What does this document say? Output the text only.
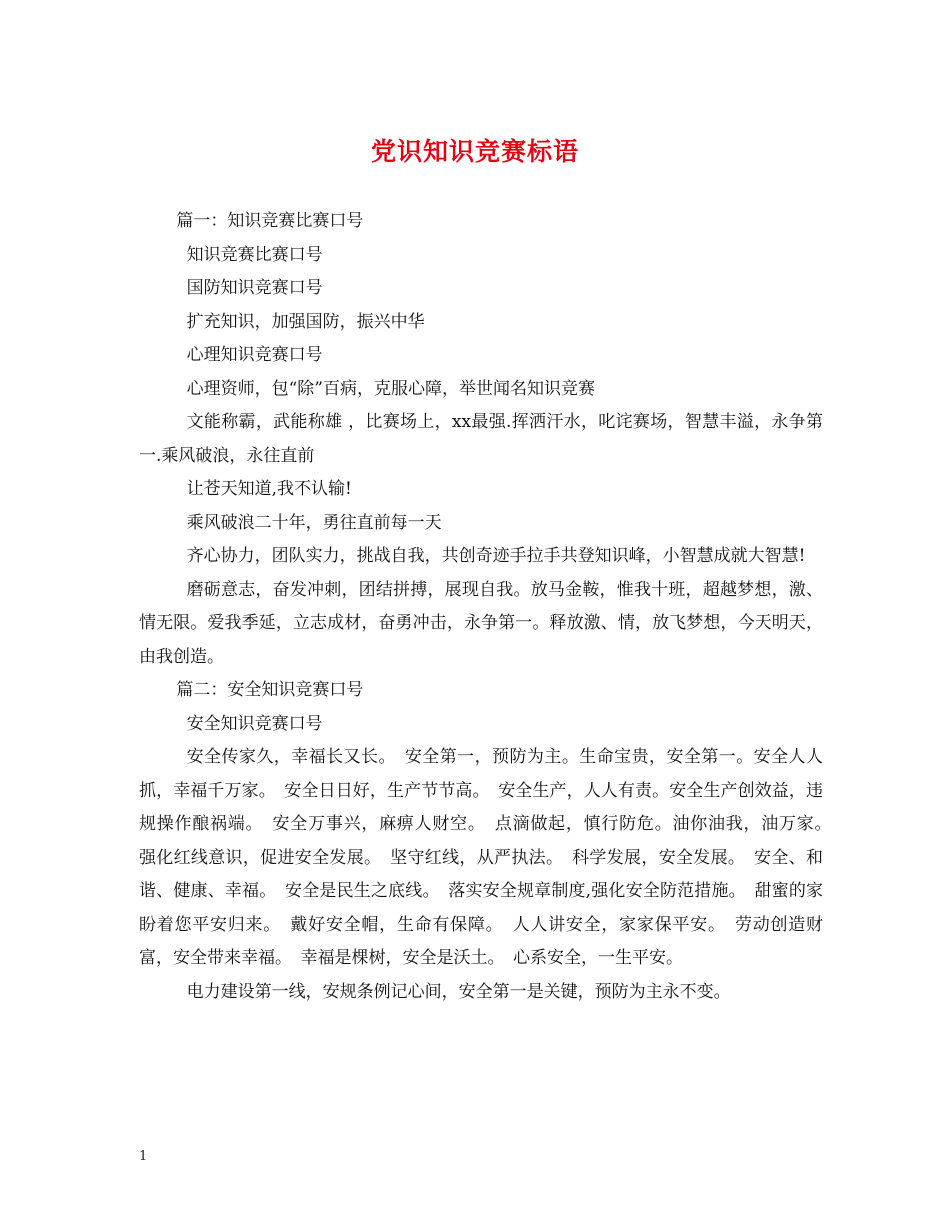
党识知识竞赛标语

篇一：知识竞赛比赛口号

知识竞赛比赛口号

国防知识竞赛口号

扩充知识，加强国防，振兴中华

心理知识竞赛口号

心理资师，包“除”百病，克服心障，举世闻名知识竞赛

文能称霸，武能称雄 ，比赛场上，xx最强.挥洒汗水，叱诧赛场，智慧丰溢，永争第一.乘风破浪，永往直前

让苍天知道,我不认输!

乘风破浪二十年，勇往直前每一天

齐心协力，团队实力，挑战自我，共创奇迹手拉手共登知识峰，小智慧成就大智慧!

磨砺意志，奋发冲刺，团结拼搏，展现自我。放马金鞍，惟我十班，超越梦想，激、情无限。爱我季延，立志成材，奋勇冲击，永争第一。释放激、情，放飞梦想，今天明天，由我创造。

篇二：安全知识竞赛口号

安全知识竞赛口号

安全传家久，幸福长又长。　安全第一，预防为主。生命宝贵，安全第一。安全人人抓，幸福千万家。　安全日日好，生产节节高。　安全生产，人人有责。安全生产创效益，违规操作酿祸端。　安全万事兴，麻痹人财空。　点滴做起，慎行防危。油你油我，油万家。　强化红线意识，促进安全发展。　坚守红线，从严执法。　科学发展，安全发展。　安全、和谐、健康、幸福。　安全是民生之底线。　落实安全规章制度,强化安全防范措施。　甜蜜的家盼着您平安归来。　戴好安全帽，生命有保障。　人人讲安全，家家保平安。　劳动创造财富，安全带来幸福。　幸福是棵树，安全是沃土。　心系安全，一生平安。

电力建设第一线，安规条例记心间，安全第一是关键，预防为主永不变。

1
